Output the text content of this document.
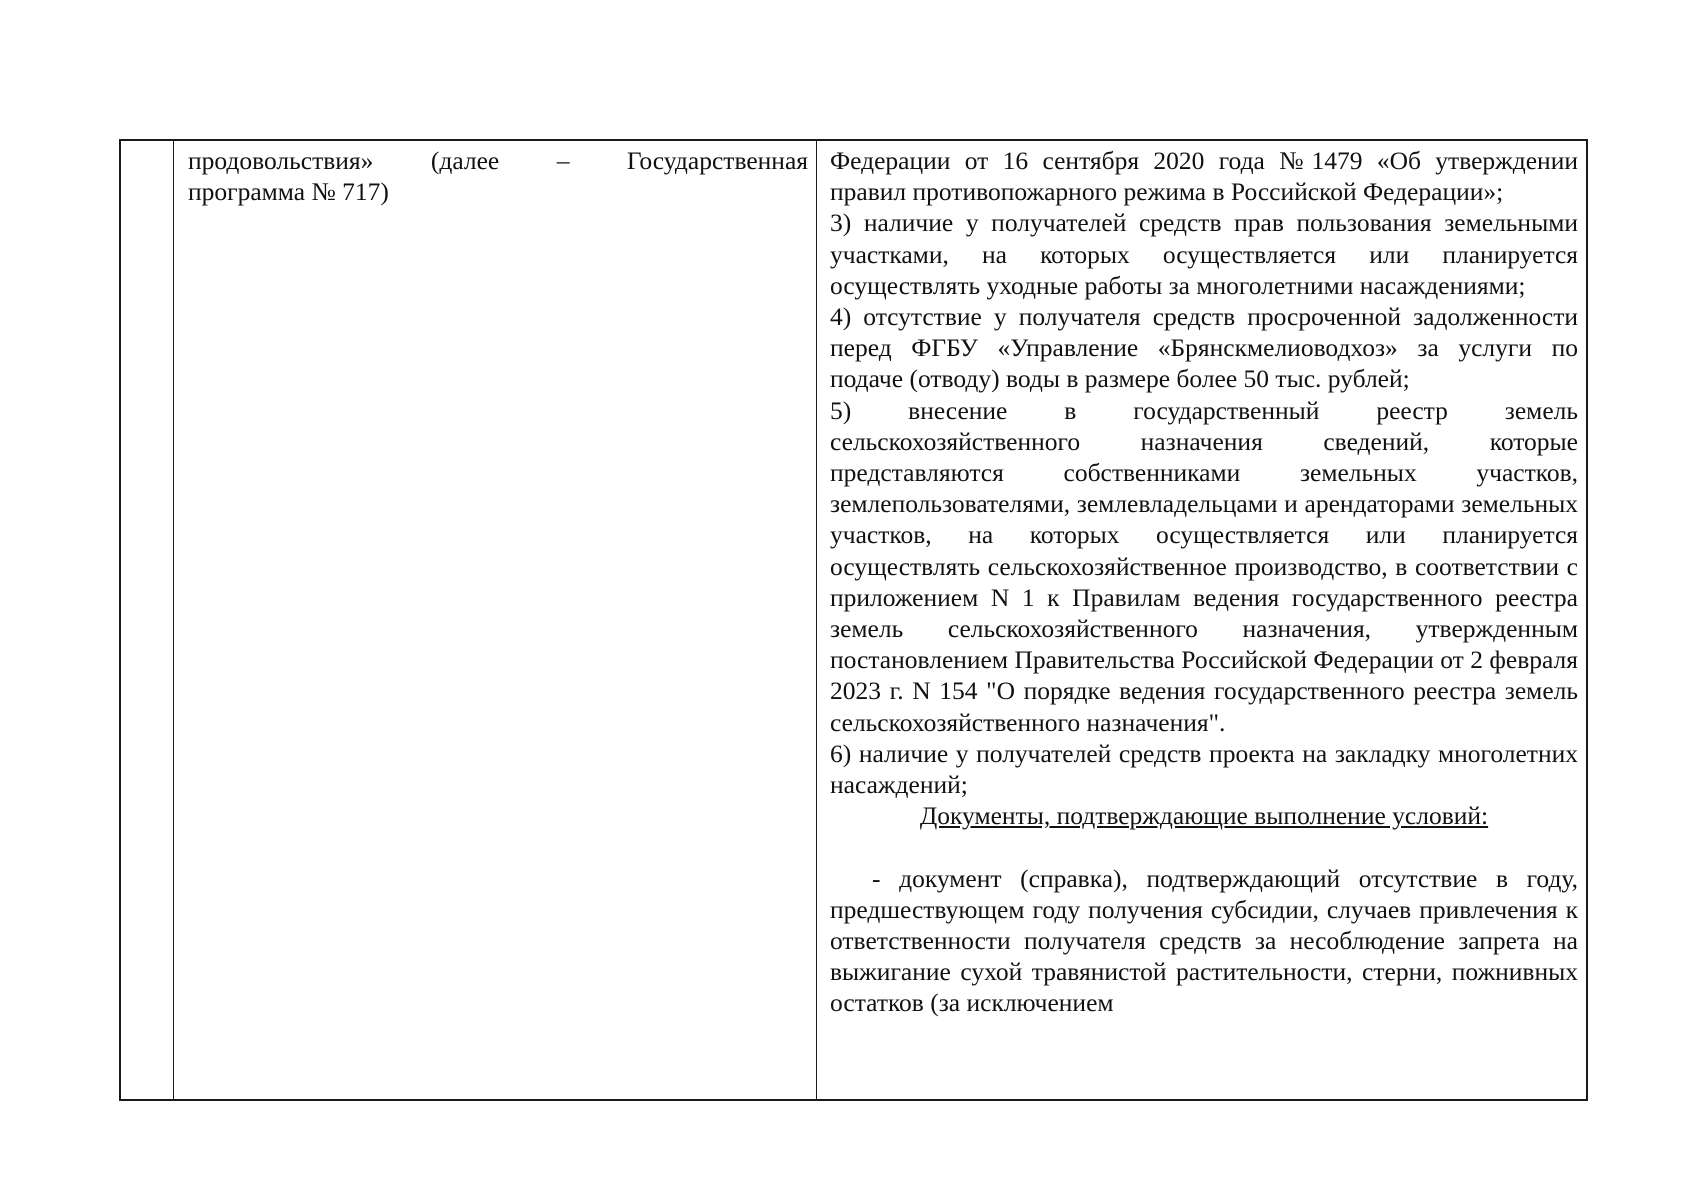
продовольствия» (далее – Государственная

программа № 717)

Федерации от 16 сентября 2020 года №1479 «Об утверждении правил противопожарного режима в Российской Федерации»;

3) наличие у получателей средств прав пользования земельными участками, на которых осуществляется или планируется осуществлять уходные работы за многолетними насаждениями;

4) отсутствие у получателя средств просроченной задолженности перед ФГБУ «Управление «Брянскмелиоводхоз» за услуги по подаче (отводу) воды в размере более 50 тыс. рублей;

5) внесение в государственный реестр земель сельскохозяйственного назначения сведений, которые представляются собственниками земельных участков, землепользователями, землевладельцами и арендаторами земельных участков, на которых осуществляется или планируется осуществлять сельскохозяйственное производство, в соответствии с приложением N 1 к Правилам ведения государственного реестра земель сельскохозяйственного назначения, утвержденным постановлением Правительства Российской Федерации от 2 февраля 2023 г. N 154 "О порядке ведения государственного реестра земель сельскохозяйственного назначения".

6) наличие у получателей средств проекта на закладку многолетних насаждений;

Документы, подтверждающие выполнение условий:

- документ (справка), подтверждающий отсутствие в году, предшествующем году получения субсидии, случаев привлечения к ответственности получателя средств за несоблюдение запрета на выжигание сухой травянистой растительности, стерни, пожнивных остатков (за исключением
